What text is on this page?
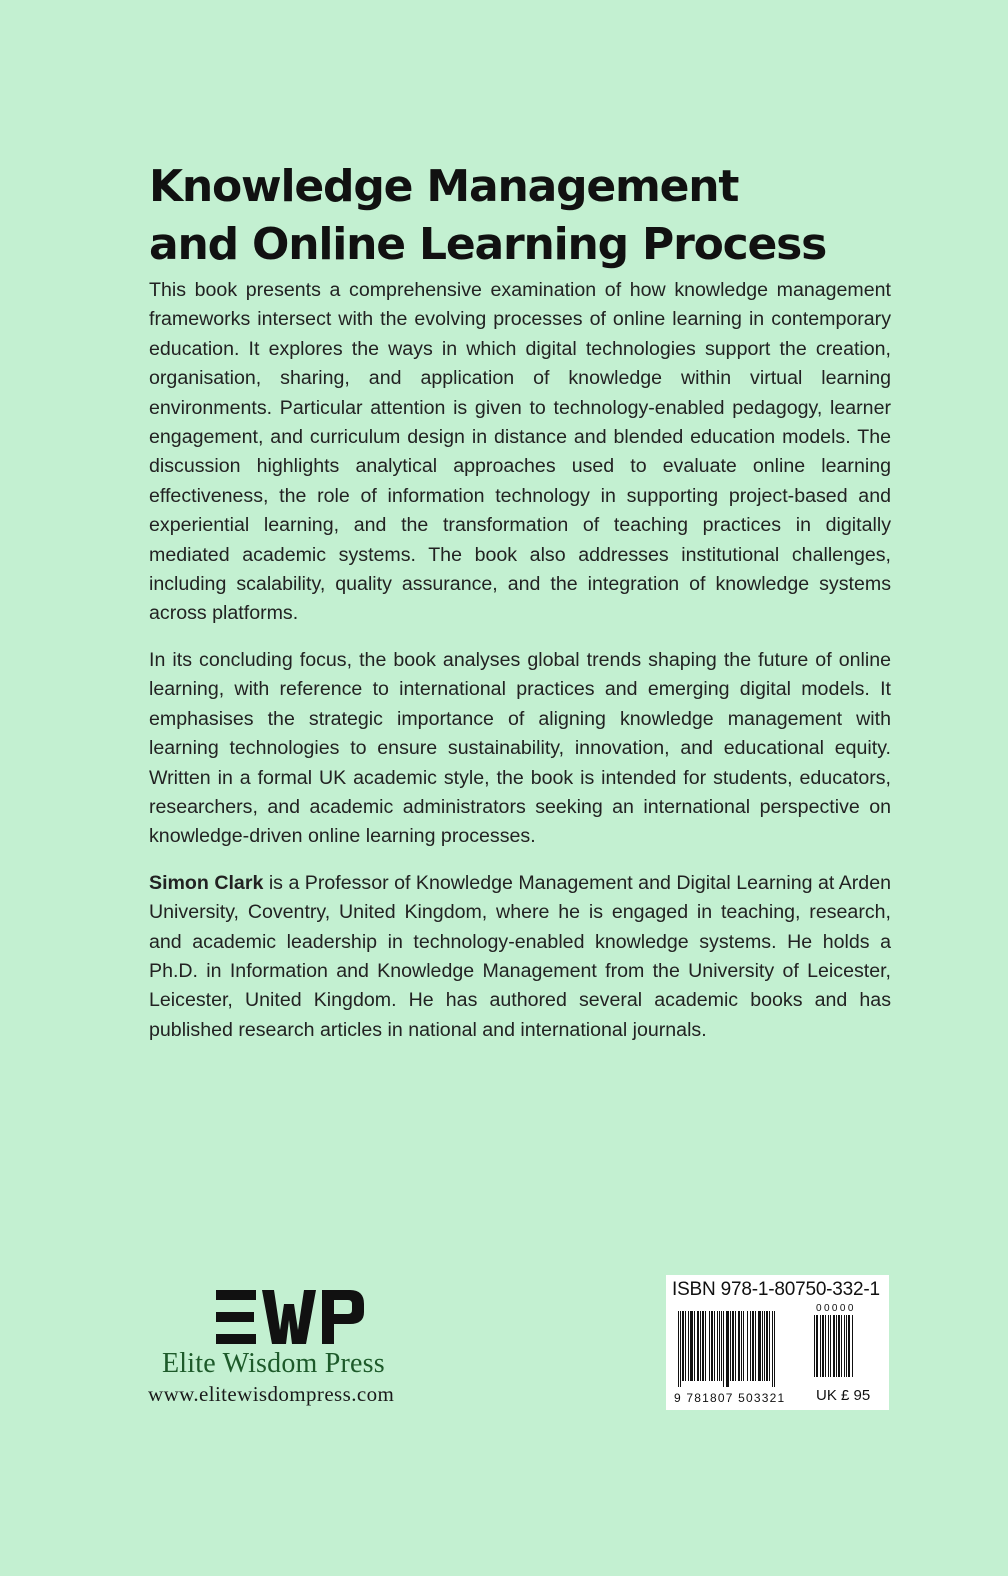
Knowledge Management
and Online Learning Process

This book presents a comprehensive examination of how knowledge management frameworks intersect with the evolving processes of online learning in contemporary education. It explores the ways in which digital technologies support the creation, organisation, sharing, and application of knowledge within virtual learning environments. Particular attention is given to technology-enabled pedagogy, learner engagement, and curriculum design in distance and blended education models. The discussion highlights analytical approaches used to evaluate online learning effectiveness, the role of information technology in supporting project-based and experiential learning, and the transformation of teaching practices in digitally mediated academic systems. The book also addresses institutional challenges, including scalability, quality assurance, and the integration of knowledge systems across platforms.

In its concluding focus, the book analyses global trends shaping the future of online learning, with reference to international practices and emerging digital models. It emphasises the strategic importance of aligning knowledge management with learning technologies to ensure sustainability, innovation, and educational equity. Written in a formal UK academic style, the book is intended for students, educators, researchers, and academic administrators seeking an international perspective on knowledge-driven online learning processes.

Simon Clark is a Professor of Knowledge Management and Digital Learning at Arden University, Coventry, United Kingdom, where he is engaged in teaching, research, and academic leadership in technology-enabled knowledge systems. He holds a Ph.D. in Information and Knowledge Management from the University of Leicester, Leicester, United Kingdom. He has authored several academic books and has published research articles in national and international journals.

Elite Wisdom Press
www.elitewisdompress.com
ISBN 978-1-80750-332-1
00000
9 781807 503321 UK £ 95
